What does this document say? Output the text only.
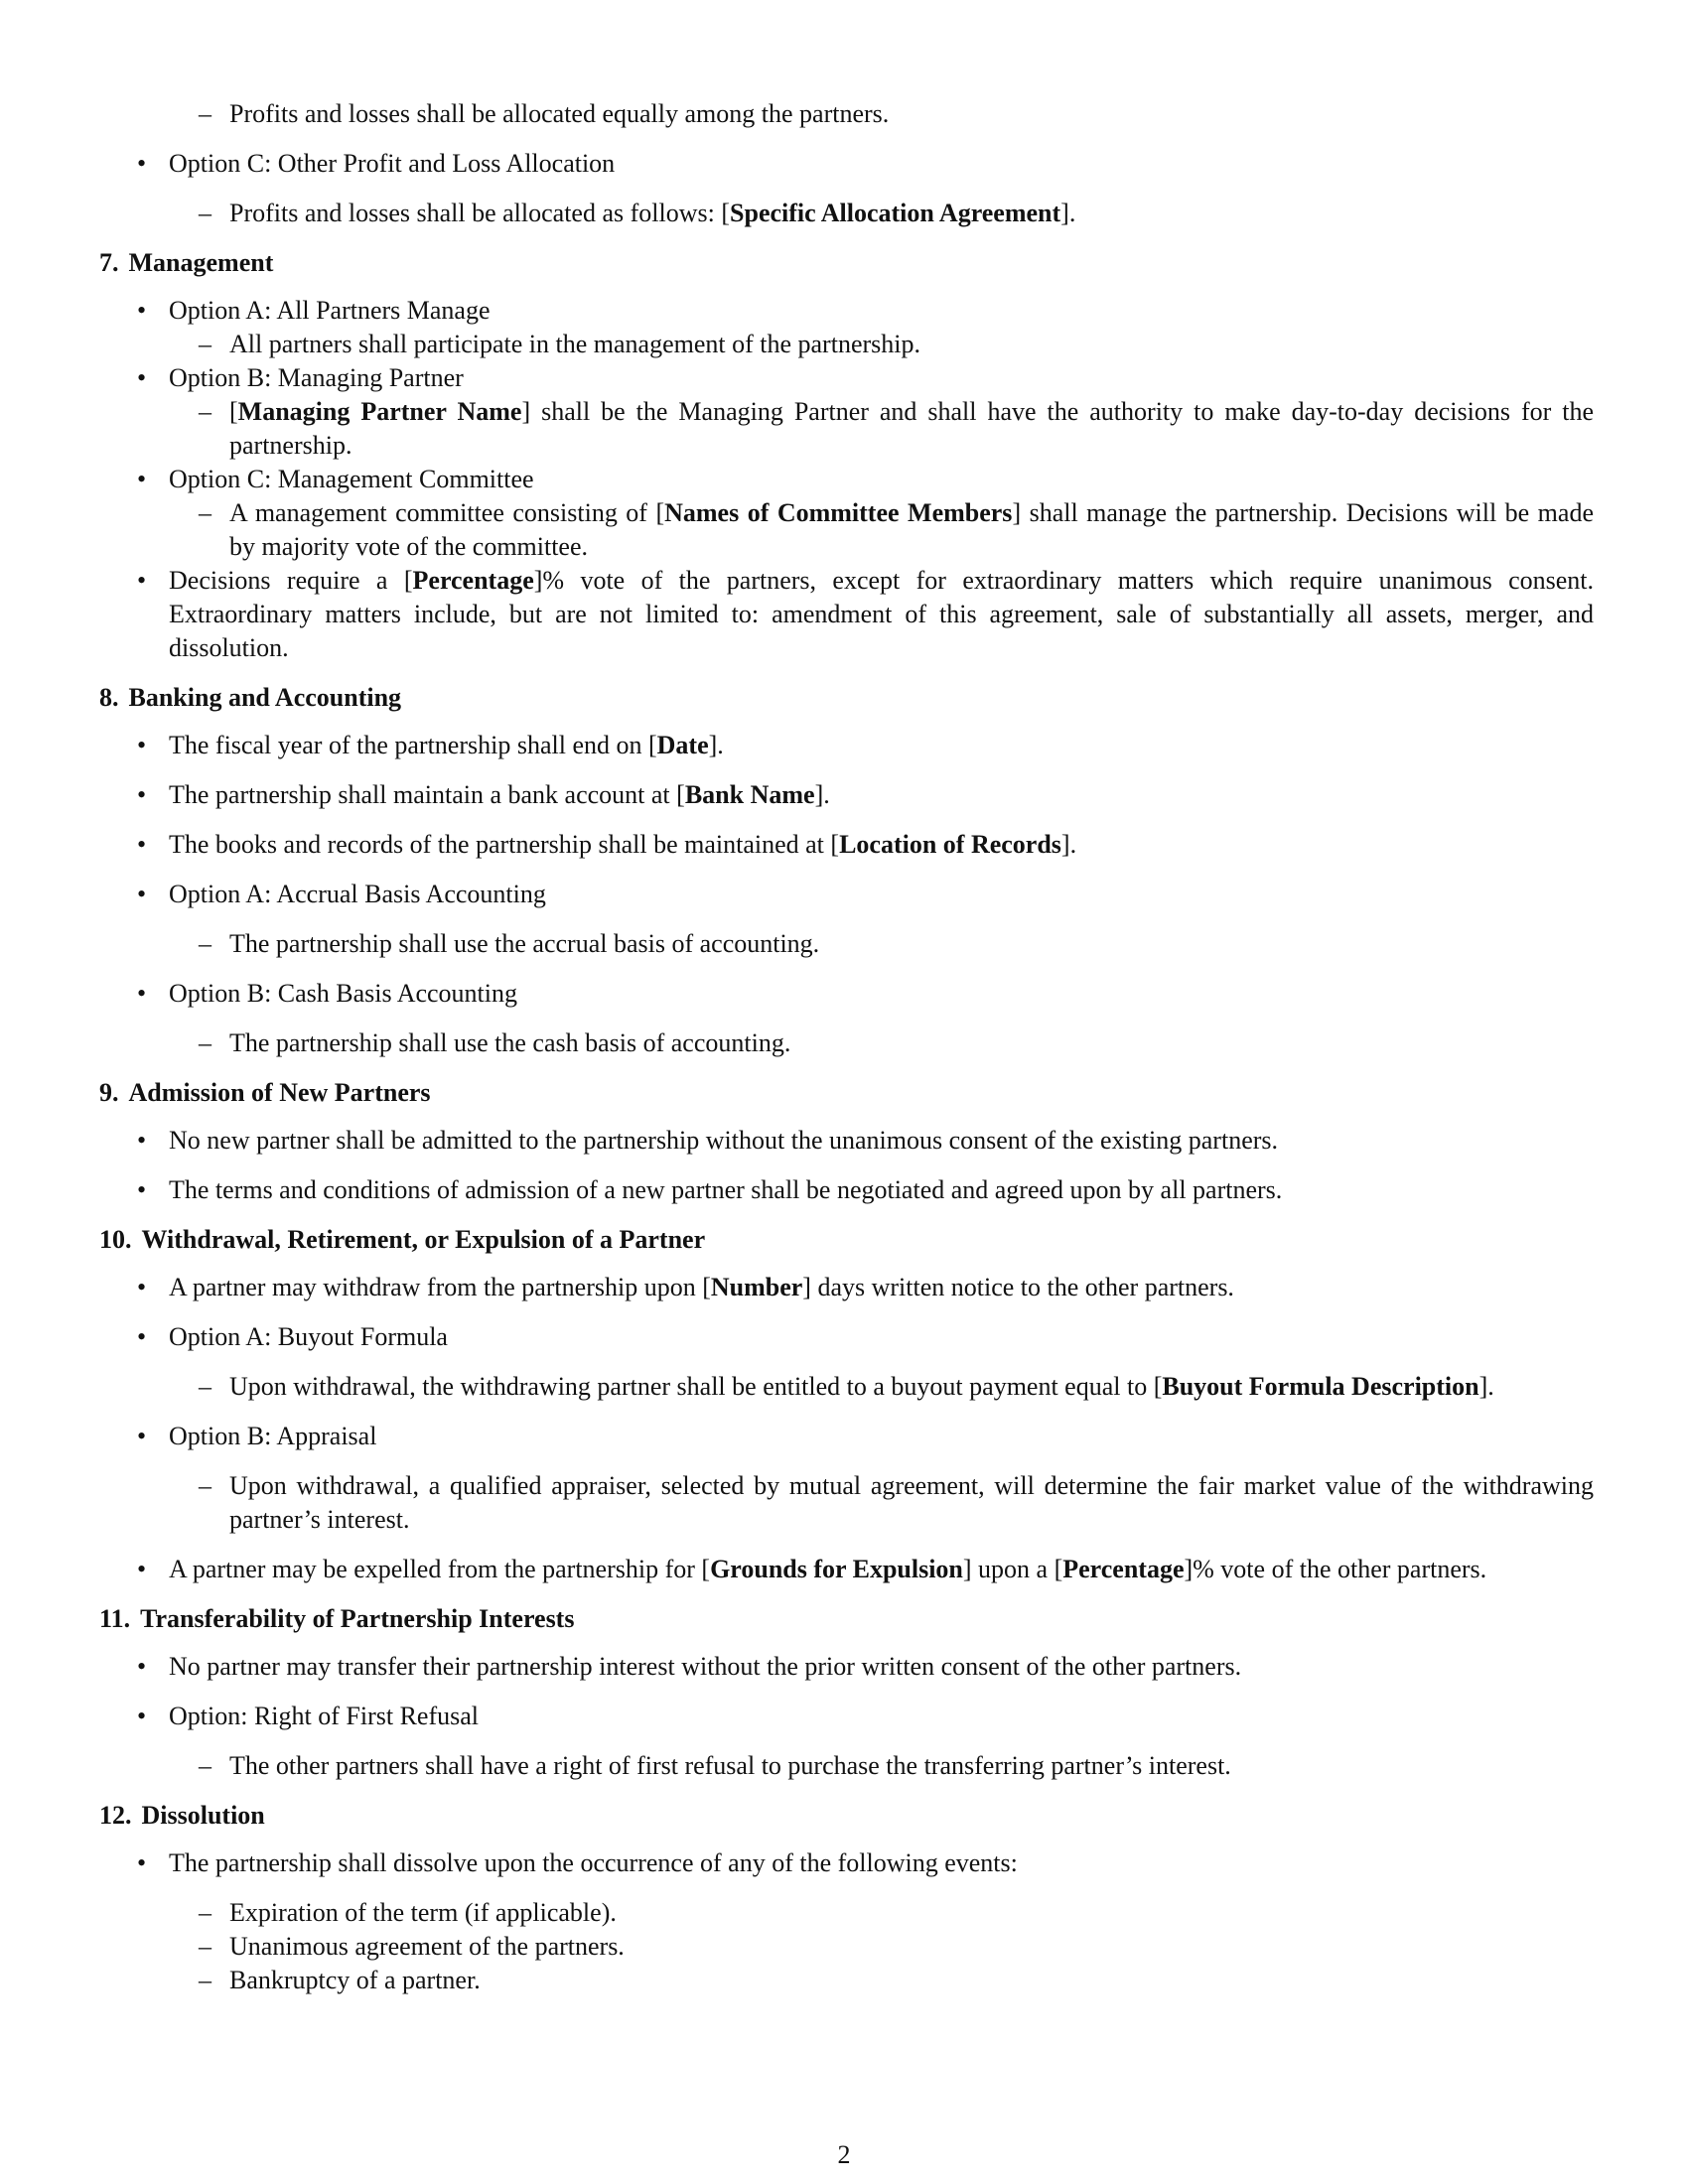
– Profits and losses shall be allocated equally among the partners.
• Option C: Other Profit and Loss Allocation
– Profits and losses shall be allocated as follows: [Specific Allocation Agreement].
7. Management
• Option A: All Partners Manage
– All partners shall participate in the management of the partnership.
• Option B: Managing Partner
– [Managing Partner Name] shall be the Managing Partner and shall have the authority to make day-to-day decisions for the partnership.
• Option C: Management Committee
– A management committee consisting of [Names of Committee Members] shall manage the partnership. Decisions will be made by majority vote of the committee.
• Decisions require a [Percentage]% vote of the partners, except for extraordinary matters which require unanimous consent. Extraordinary matters include, but are not limited to: amendment of this agreement, sale of substantially all assets, merger, and dissolution.
8. Banking and Accounting
• The fiscal year of the partnership shall end on [Date].
• The partnership shall maintain a bank account at [Bank Name].
• The books and records of the partnership shall be maintained at [Location of Records].
• Option A: Accrual Basis Accounting
– The partnership shall use the accrual basis of accounting.
• Option B: Cash Basis Accounting
– The partnership shall use the cash basis of accounting.
9. Admission of New Partners
• No new partner shall be admitted to the partnership without the unanimous consent of the existing partners.
• The terms and conditions of admission of a new partner shall be negotiated and agreed upon by all partners.
10. Withdrawal, Retirement, or Expulsion of a Partner
• A partner may withdraw from the partnership upon [Number] days written notice to the other partners.
• Option A: Buyout Formula
– Upon withdrawal, the withdrawing partner shall be entitled to a buyout payment equal to [Buyout Formula Description].
• Option B: Appraisal
– Upon withdrawal, a qualified appraiser, selected by mutual agreement, will determine the fair market value of the withdrawing partner’s interest.
• A partner may be expelled from the partnership for [Grounds for Expulsion] upon a [Percentage]% vote of the other partners.
11. Transferability of Partnership Interests
• No partner may transfer their partnership interest without the prior written consent of the other partners.
• Option: Right of First Refusal
– The other partners shall have a right of first refusal to purchase the transferring partner’s interest.
12. Dissolution
• The partnership shall dissolve upon the occurrence of any of the following events:
– Expiration of the term (if applicable).
– Unanimous agreement of the partners.
– Bankruptcy of a partner.
2
